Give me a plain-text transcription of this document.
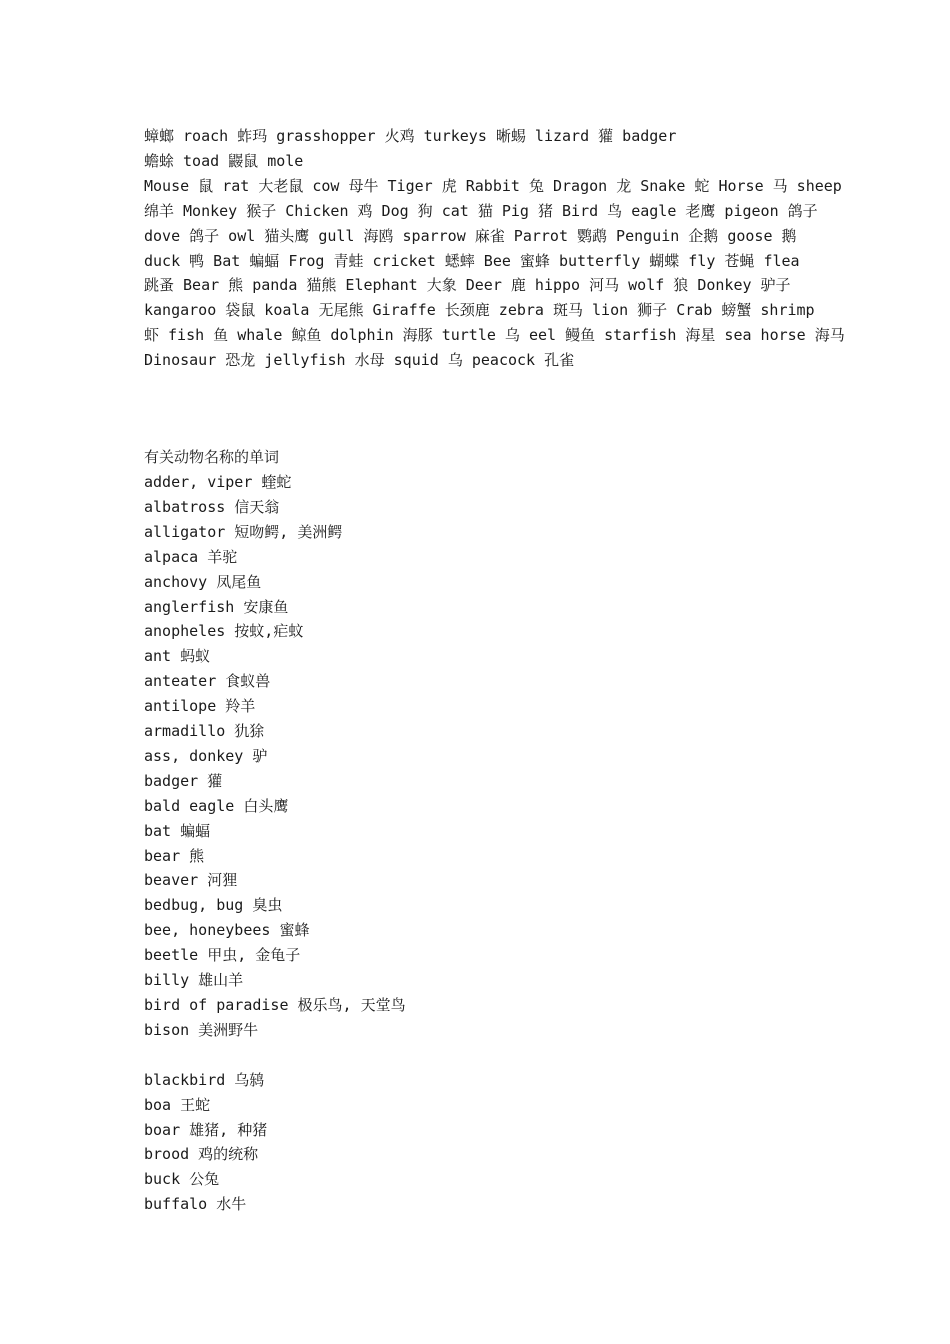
蟑螂 roach 蚱玛 grasshopper 火鸡 turkeys 晰蜴 lizard 獾 badger
蟾蜍 toad 鼹鼠 mole
Mouse 鼠 rat 大老鼠 cow 母牛 Tiger 虎 Rabbit 兔 Dragon 龙 Snake 蛇 Horse 马 sheep
绵羊 Monkey 猴子 Chicken 鸡 Dog 狗 cat 猫 Pig 猪 Bird 鸟 eagle 老鹰 pigeon 鸽子
dove 鸽子 owl 猫头鹰 gull 海鸥 sparrow 麻雀 Parrot 鹦鹉 Penguin 企鹅 goose 鹅
duck 鸭 Bat 蝙蝠 Frog 青蛙 cricket 蟋蟀 Bee 蜜蜂 butterfly 蝴蝶 fly 苍蝇 flea
跳蚤 Bear 熊 panda 猫熊 Elephant 大象 Deer 鹿 hippo 河马 wolf 狼 Donkey 驴子
kangaroo 袋鼠 koala 无尾熊 Giraffe 长颈鹿 zebra 斑马 lion 狮子 Crab 螃蟹 shrimp
虾 fish 鱼 whale 鲸鱼 dolphin 海豚 turtle 乌 eel 鳗鱼 starfish 海星 sea horse 海马
Dinosaur 恐龙 jellyfish 水母 squid 乌 peacock 孔雀

有关动物名称的单词
adder, viper 蝰蛇
albatross 信天翁
alligator 短吻鳄, 美洲鳄
alpaca 羊驼
anchovy 凤尾鱼
anglerfish 安康鱼
anopheles 按蚊,疟蚊
ant 蚂蚁
anteater 食蚁兽
antilope 羚羊
armadillo 犰狳
ass, donkey 驴
badger 獾
bald eagle 白头鹰
bat 蝙蝠
bear 熊
beaver 河狸
bedbug, bug 臭虫
bee, honeybees 蜜蜂
beetle 甲虫, 金龟子
billy 雄山羊
bird of paradise 极乐鸟, 天堂鸟
bison 美洲野牛
blackbird 乌鸫
boa 王蛇
boar 雄猪, 种猪
brood 鸡的统称
buck 公兔
buffalo 水牛
